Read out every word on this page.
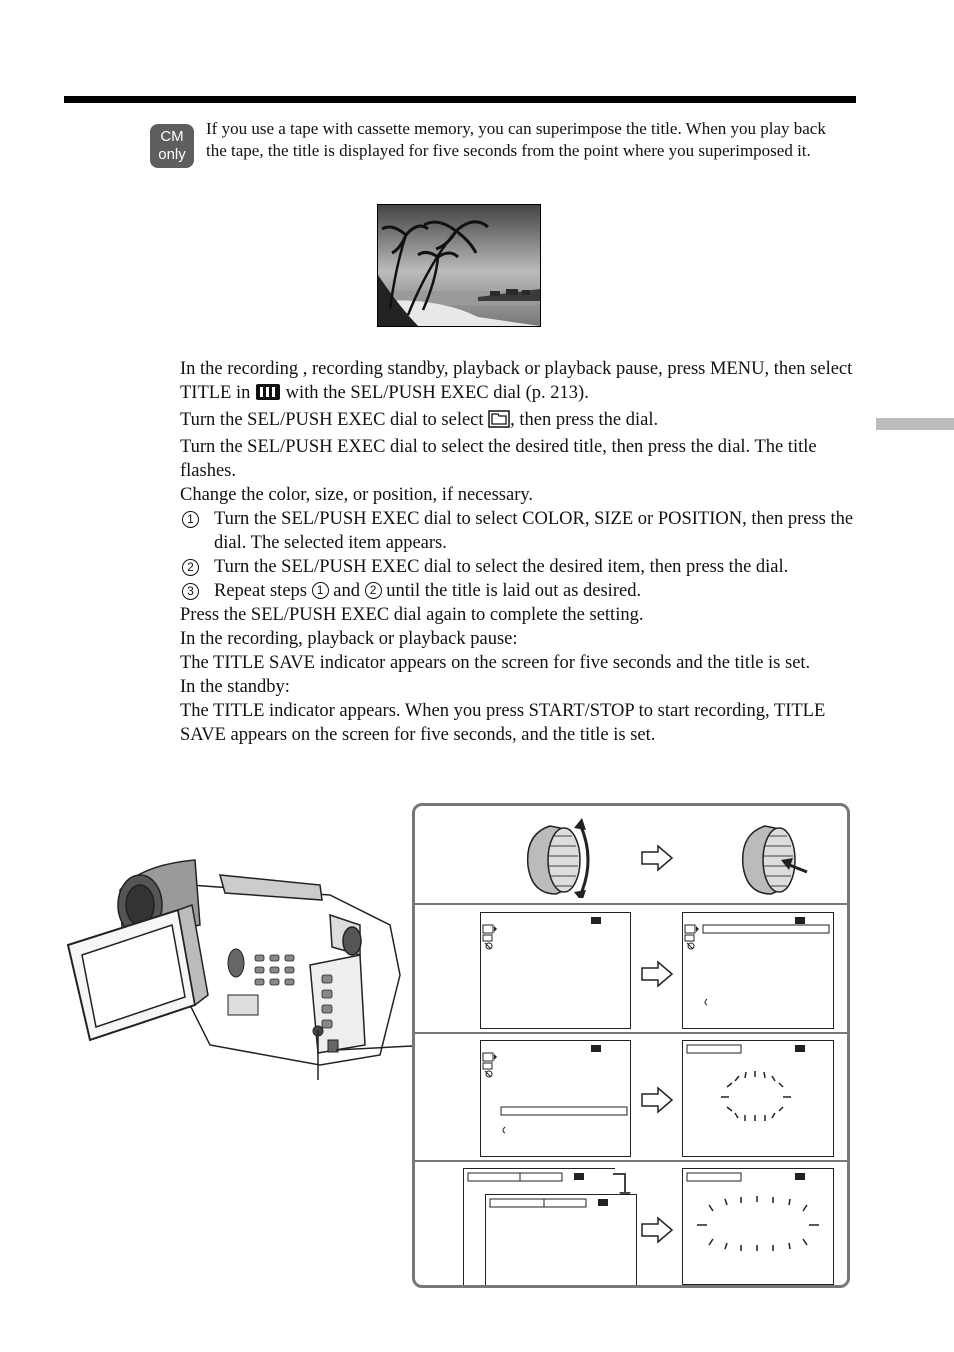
CM
only
If you use a tape with cassette memory, you can superimpose the title. When you play back the tape, the title is displayed for five seconds from the point where you superimposed it.

In the recording , recording standby, playback or playback pause, press MENU, then select TITLE in with the SEL/PUSH EXEC dial (p. 213).

Turn the SEL/PUSH EXEC dial to select , then press the dial.

Turn the SEL/PUSH EXEC dial to select the desired title, then press the dial. The title flashes.

Change the color, size, or position, if necessary.

1 Turn the SEL/PUSH EXEC dial to select COLOR, SIZE or POSITION, then press the dial. The selected item appears.
2 Turn the SEL/PUSH EXEC dial to select the desired item, then press the dial.
3 Repeat steps 1 and 2 until the title is laid out as desired.

Press the SEL/PUSH EXEC dial again to complete the setting.

In the recording, playback or playback pause:

The TITLE SAVE indicator appears on the screen for five seconds and the title is set.

In the standby:

The TITLE indicator appears. When you press START/STOP to start recording, TITLE SAVE appears on the screen for five seconds, and the title is set.
